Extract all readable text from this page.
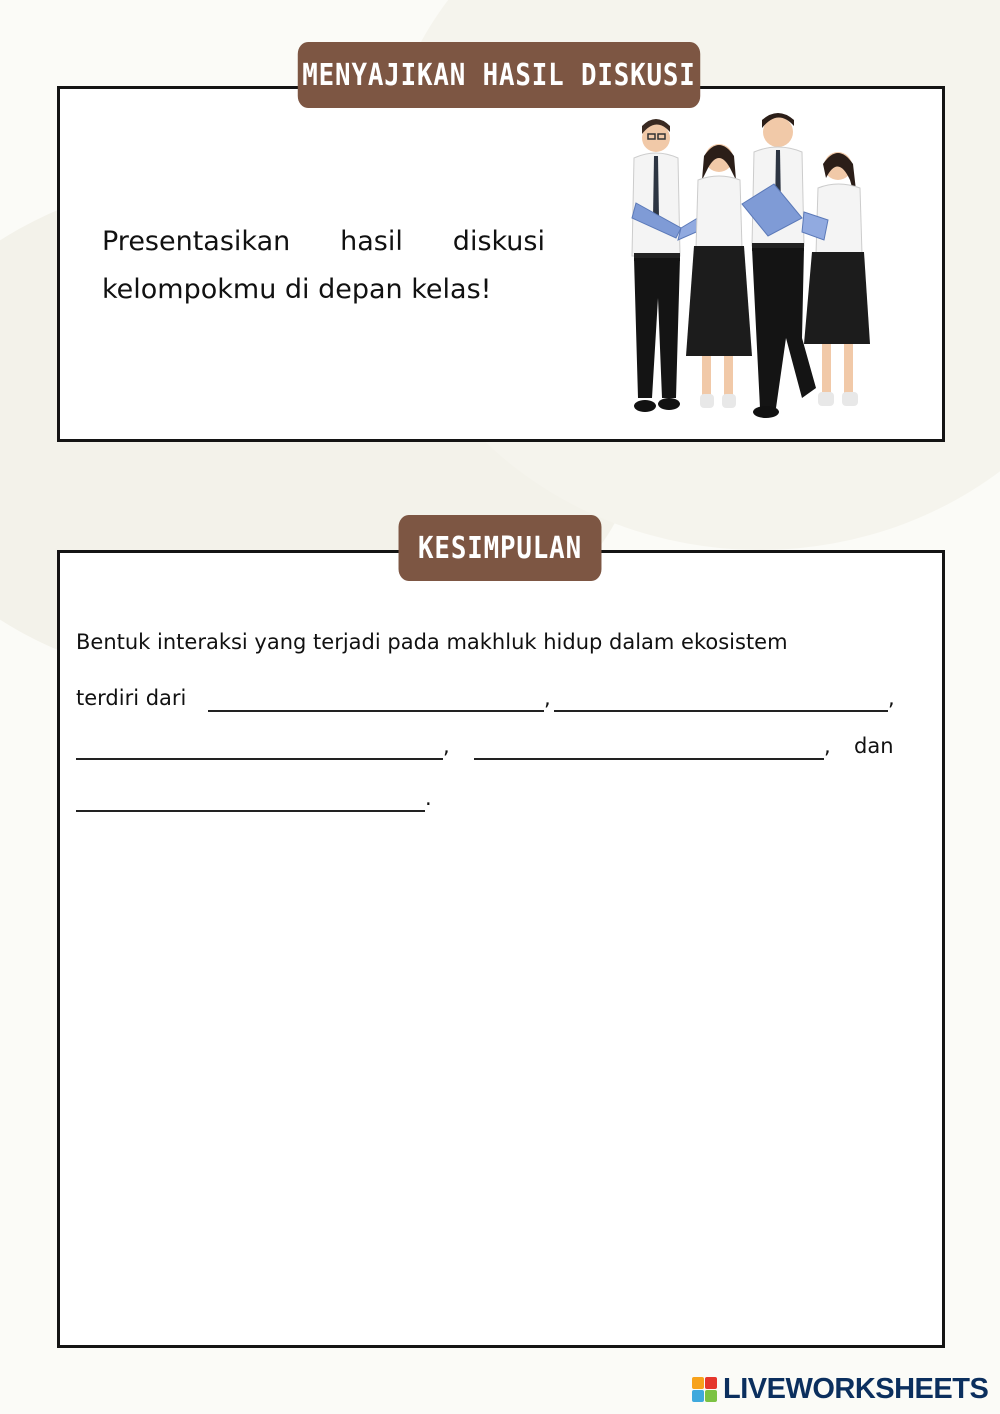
MENYAJIKAN HASIL DISKUSI
Presentasikan hasil diskusi kelompokmu di depan kelas!
KESIMPULAN
Bentuk interaksi yang terjadi pada makhluk hidup dalam ekosistem
terdiri dari	,	,
,	, dan
.
LIVEWORKSHEETS
